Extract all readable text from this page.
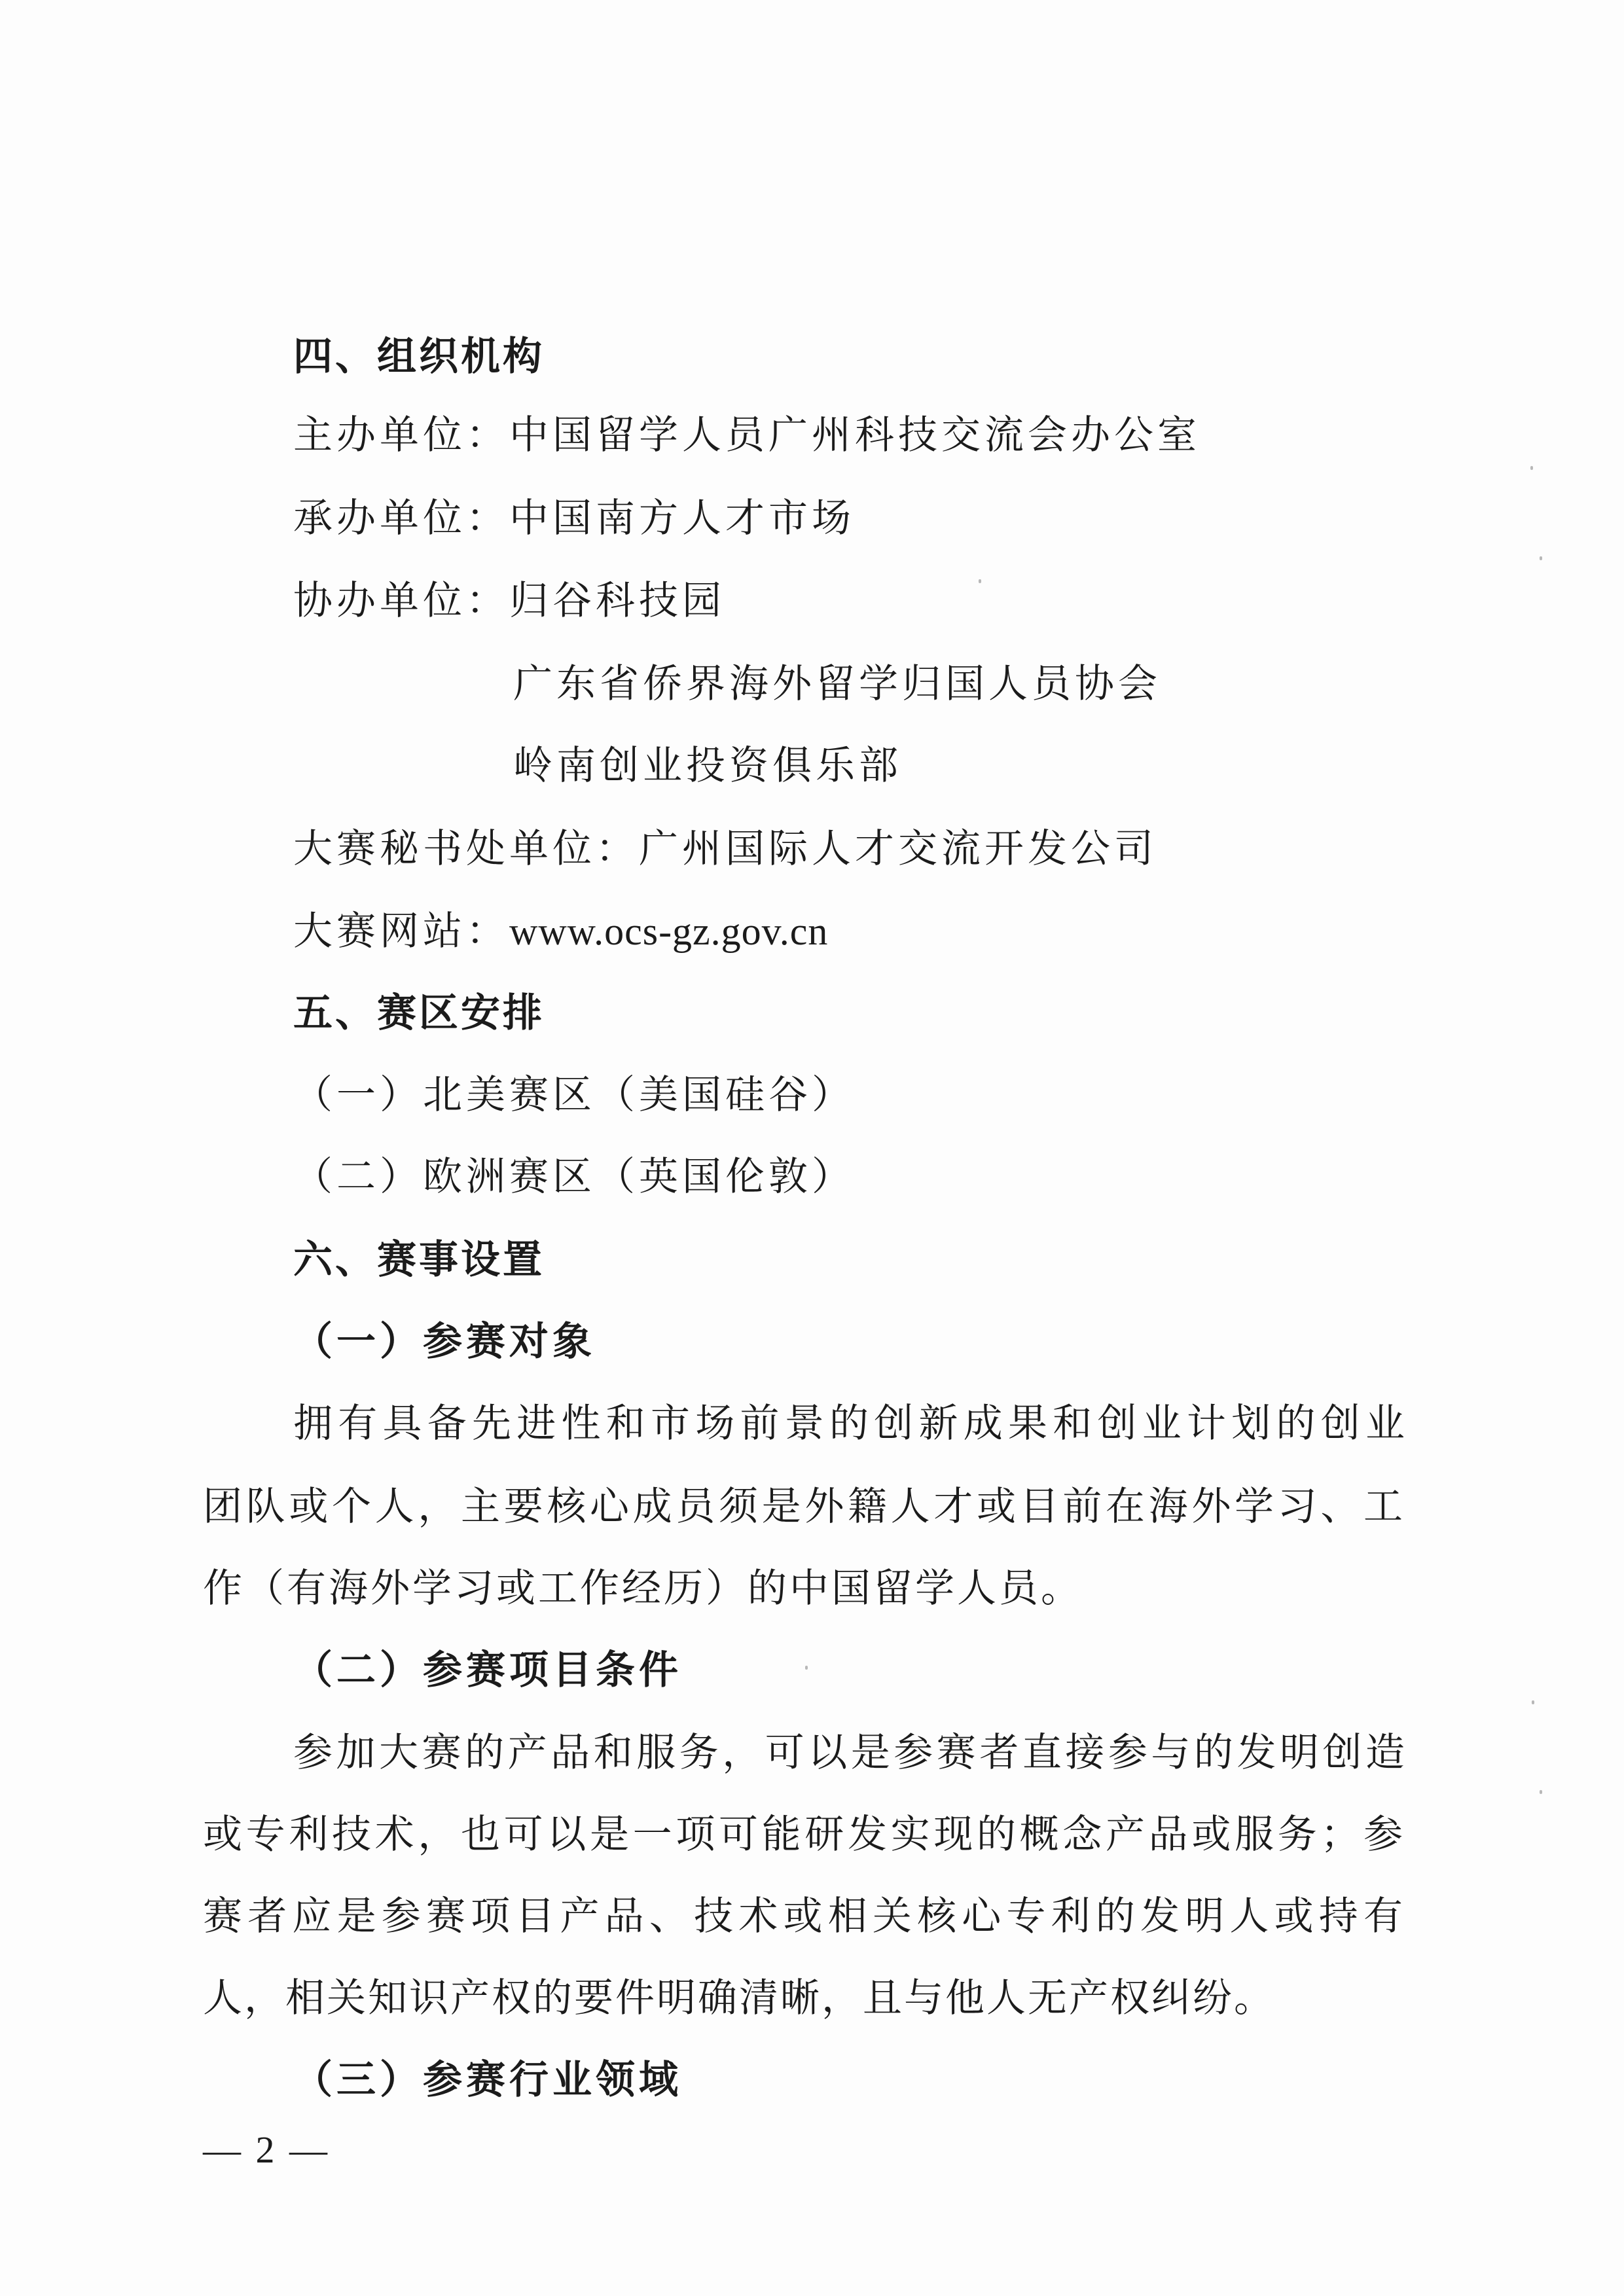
四、组织机构
主办单位：中国留学人员广州科技交流会办公室
承办单位：中国南方人才市场
协办单位：归谷科技园
广东省侨界海外留学归国人员协会
岭南创业投资俱乐部
大赛秘书处单位：广州国际人才交流开发公司
大赛网站：www.ocs-gz.gov.cn
五、赛区安排
（一）北美赛区（美国硅谷）
（二）欧洲赛区（英国伦敦）
六、赛事设置
（一）参赛对象
拥有具备先进性和市场前景的创新成果和创业计划的创业
团队或个人，主要核心成员须是外籍人才或目前在海外学习、工
作（有海外学习或工作经历）的中国留学人员。
（二）参赛项目条件
参加大赛的产品和服务，可以是参赛者直接参与的发明创造
或专利技术，也可以是一项可能研发实现的概念产品或服务；参
赛者应是参赛项目产品、技术或相关核心专利的发明人或持有
人，相关知识产权的要件明确清晰，且与他人无产权纠纷。
（三）参赛行业领域
— 2 —
